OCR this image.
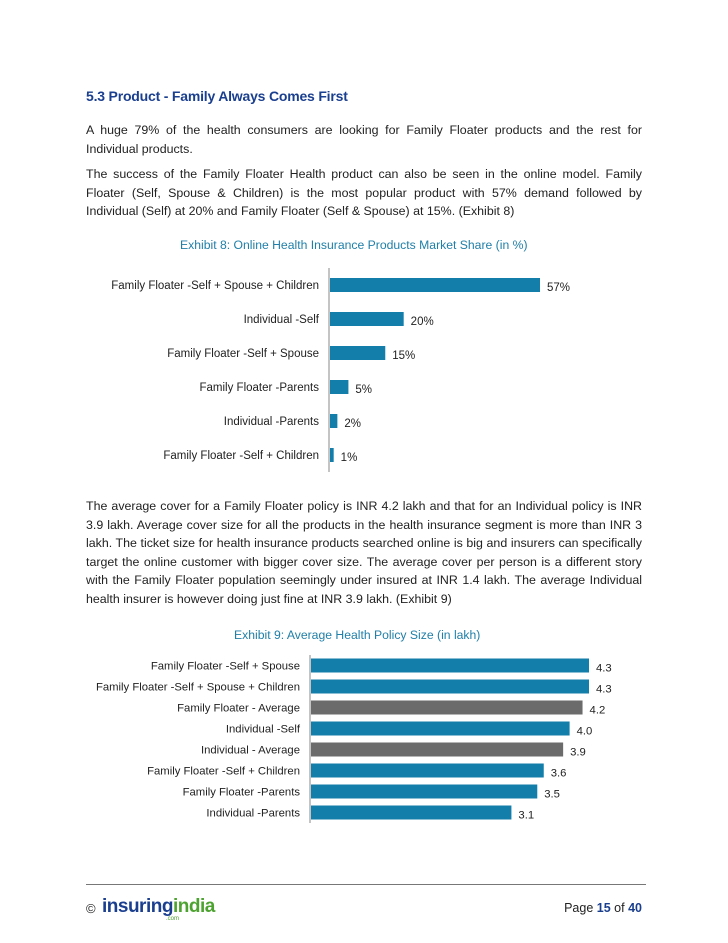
5.3 Product - Family Always Comes First
A huge 79% of the health consumers are looking for Family Floater products and the rest for Individual products.
The success of the Family Floater Health product can also be seen in the online model. Family Floater (Self, Spouse & Children) is the most popular product with 57% demand followed by Individual (Self) at 20% and Family Floater (Self & Spouse) at 15%. (Exhibit 8)
Exhibit 8: Online Health Insurance Products Market Share (in %)
Family Floater -Self + Spouse + Children	57%
Individual -Self	20%
Family Floater -Self + Spouse	15%
Family Floater -Parents	5%
Individual -Parents 2%
Family Floater -Self + Children 1%
The average cover for a Family Floater policy is INR 4.2 lakh and that for an Individual policy is INR 3.9 lakh. Average cover size for all the products in the health insurance segment is more than INR 3 lakh. The ticket size for health insurance products searched online is big and insurers can specifically target the online customer with bigger cover size. The average cover per person is a different story with the Family Floater population seemingly under insured at INR 1.4 lakh. The average Individual health insurer is however doing just fine at INR 3.9 lakh. (Exhibit 9)
Exhibit 9: Average Health Policy Size (in lakh)
Family Floater -Self + Spouse	4.3
Family Floater -Self + Spouse + Children	4.3
Family Floater - Average	4.2
Individual -Self	4.0
Individual - Average	3.9
Family Floater -Self + Children	3.6
Family Floater -Parents	3.5
Individual -Parents	3.1
© insuringindia
.com
Page 15 of 40
